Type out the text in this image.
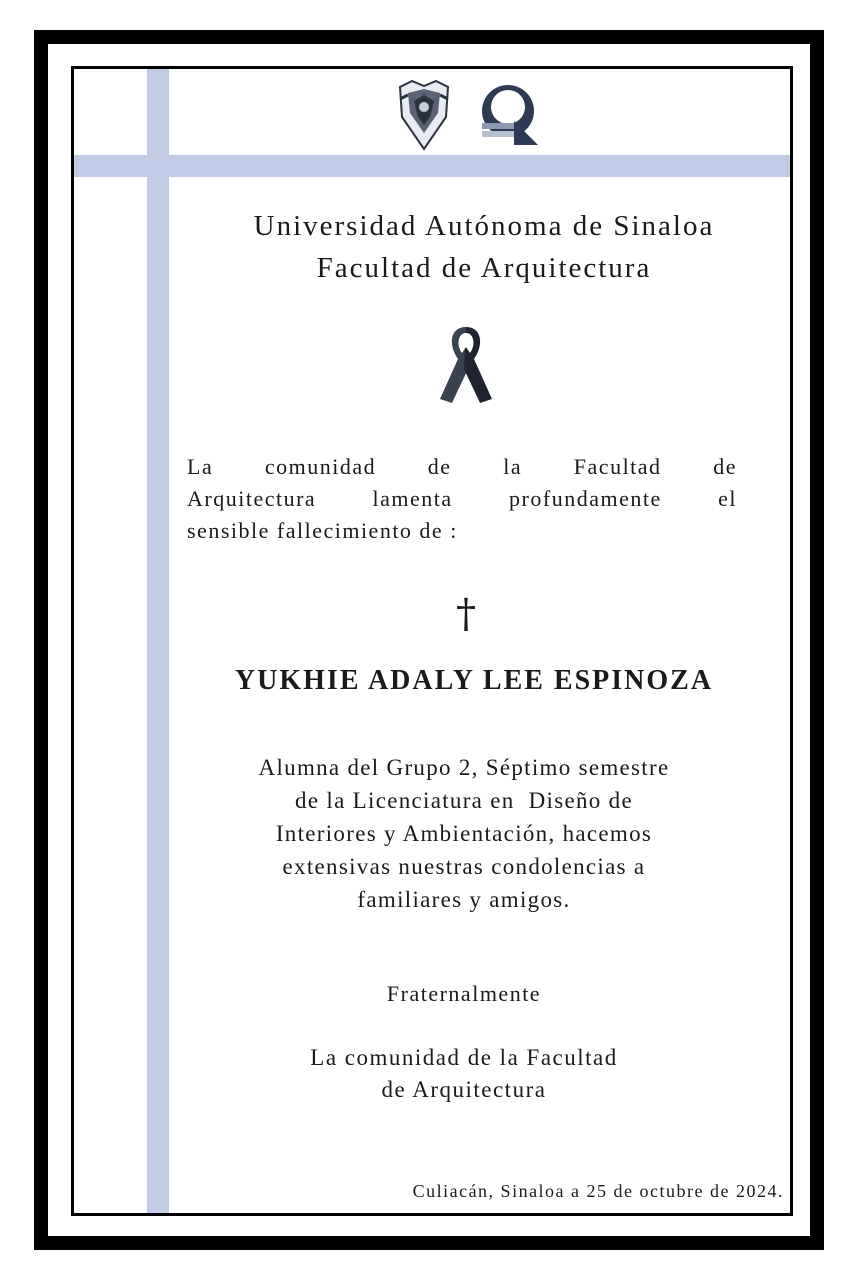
Universidad Autónoma de Sinaloa
Facultad de Arquitectura
La comunidad de la Facultad de
Arquitectura lamenta profundamente el
sensible fallecimiento de :
†
YUKHIE ADALY LEE ESPINOZA
Alumna del Grupo 2, Séptimo semestre
de la Licenciatura en  Diseño de
Interiores y Ambientación, hacemos
extensivas nuestras condolencias a
familiares y amigos.
Fraternalmente
La comunidad de la Facultad
de Arquitectura
Culiacán, Sinaloa a 25 de octubre de 2024.
